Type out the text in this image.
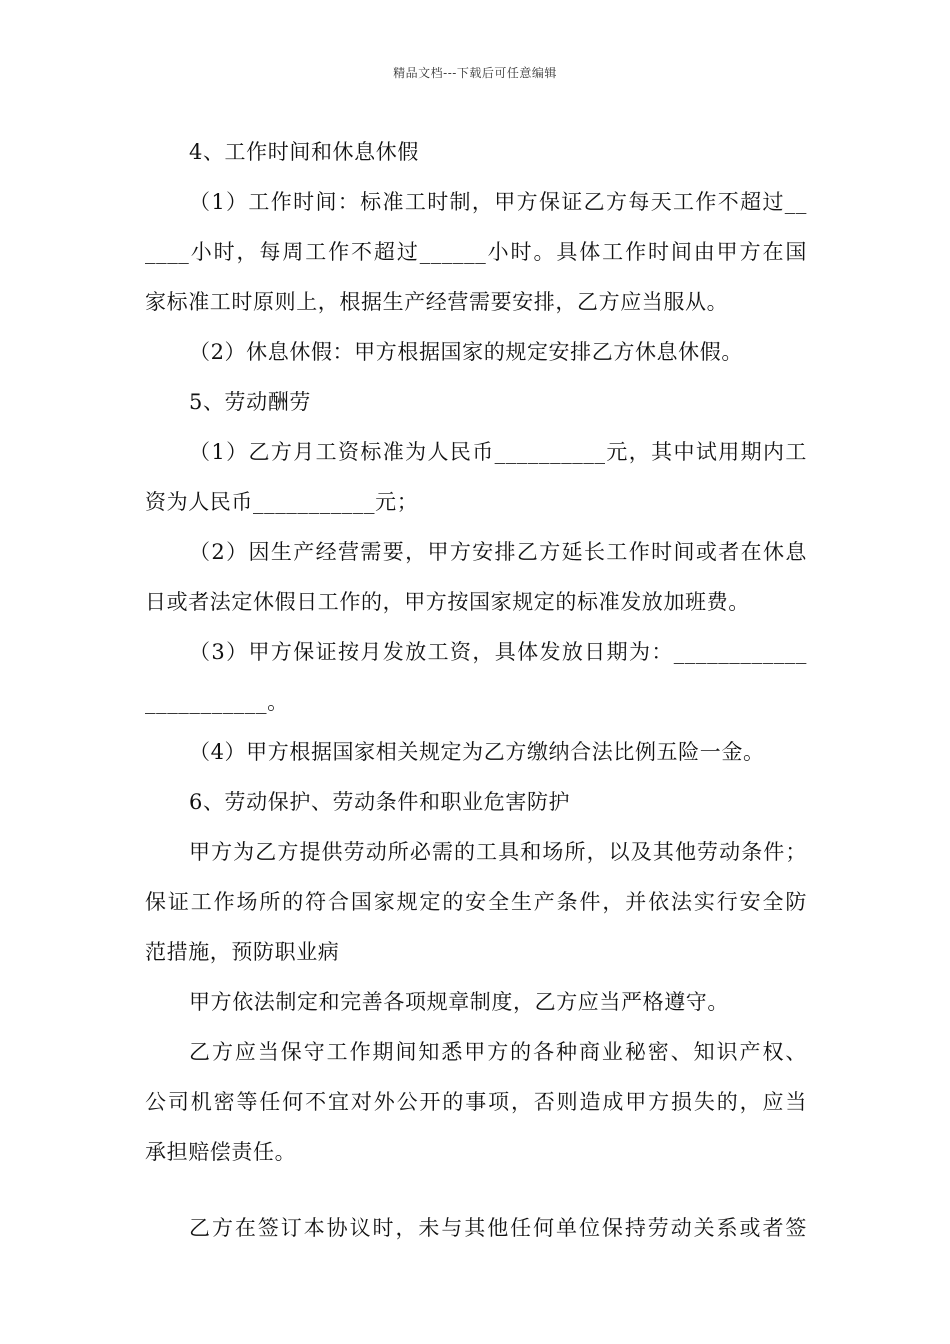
精品文档---下载后可任意编辑
4、工作时间和休息休假
（1）工作时间：标准工时制，甲方保证乙方每天工作不超过__
____小时，每周工作不超过______小时。具体工作时间由甲方在国
家标准工时原则上，根据生产经营需要安排，乙方应当服从。
（2）休息休假：甲方根据国家的规定安排乙方休息休假。
5、劳动酬劳
（1）乙方月工资标准为人民币__________元，其中试用期内工
资为人民币___________元；
（2）因生产经营需要，甲方安排乙方延长工作时间或者在休息
日或者法定休假日工作的，甲方按国家规定的标准发放加班费。
（3）甲方保证按月发放工资，具体发放日期为：____________
___________。
（4）甲方根据国家相关规定为乙方缴纳合法比例五险一金。
6、劳动保护、劳动条件和职业危害防护
甲方为乙方提供劳动所必需的工具和场所，以及其他劳动条件；
保证工作场所的符合国家规定的安全生产条件，并依法实行安全防
范措施，预防职业病
甲方依法制定和完善各项规章制度，乙方应当严格遵守。
乙方应当保守工作期间知悉甲方的各种商业秘密、知识产权、
公司机密等任何不宜对外公开的事项，否则造成甲方损失的，应当
承担赔偿责任。
乙方在签订本协议时，未与其他任何单位保持劳动关系或者签
